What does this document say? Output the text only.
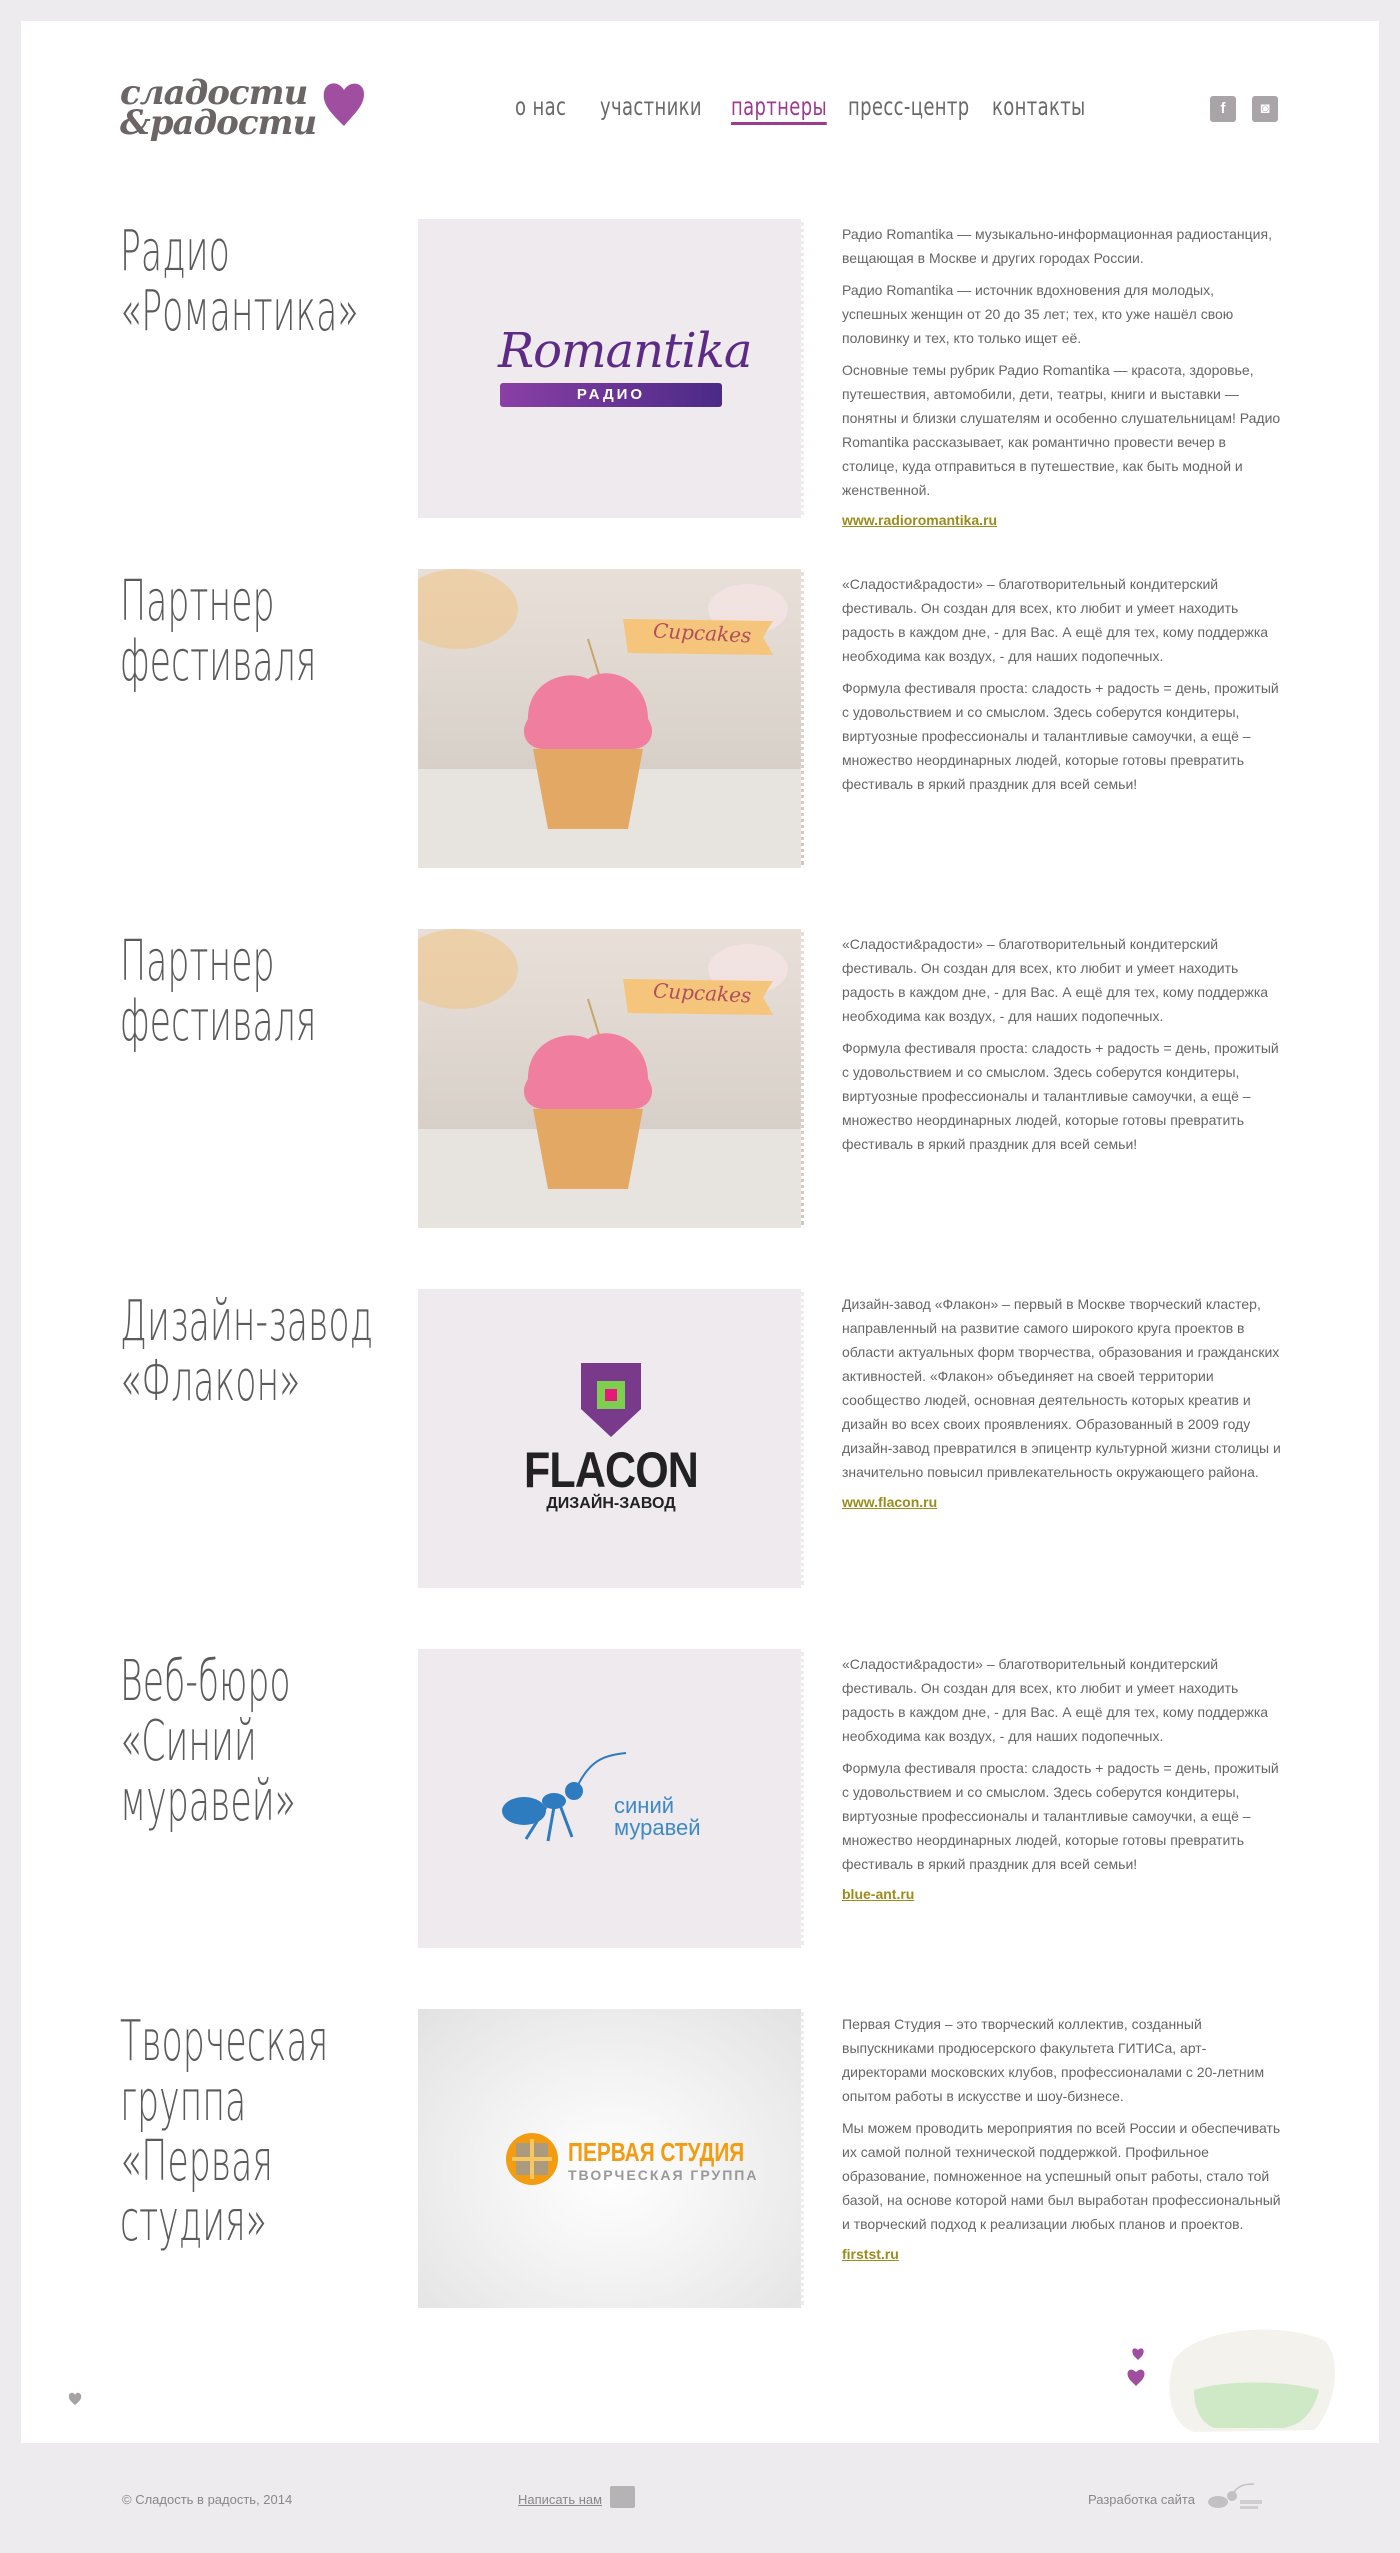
сладости
&радости	о нас участники партнеры пресс-центр контакты	f	◙
Радио
«Романтика»
Romantika
РАДИО

Радио Romantika — музыкально-информационная радиостанция, вещающая в Москве и других городах России.

Радио Romantika — источник вдохновения для молодых, успешных женщин от 20 до 35 лет; тех, кто уже нашёл свою половинку и тех, кто только ищет её.

Основные темы рубрик Радио Romantika — красота, здоровье, путешествия, автомобили, дети, театры, книги и выставки — понятны и близки слушателям и особенно слушательницам! Радио Romantika рассказывает, как романтично провести вечер в столице, куда отправиться в путешествие, как быть модной и женственной.

www.radioromantika.ru
Партнер
фестиваля	Cupcakes

«Сладости&радости» – благотворительный кондитерский фестиваль. Он создан для всех, кто любит и умеет находить радость в каждом дне, - для Вас. А ещё для тех, кому поддержка необходима как воздух, - для наших подопечных.

Формула фестиваля проста: сладость + радость = день, прожитый с удовольствием и со смыслом. Здесь соберутся кондитеры, виртуозные профессионалы и талантливые самоучки, а ещё – множество неординарных людей, которые готовы превратить фестиваль в яркий праздник для всей семьи!

Партнер
фестиваля	Cupcakes

«Сладости&радости» – благотворительный кондитерский фестиваль. Он создан для всех, кто любит и умеет находить радость в каждом дне, - для Вас. А ещё для тех, кому поддержка необходима как воздух, - для наших подопечных.

Формула фестиваля проста: сладость + радость = день, прожитый с удовольствием и со смыслом. Здесь соберутся кондитеры, виртуозные профессионалы и талантливые самоучки, а ещё – множество неординарных людей, которые готовы превратить фестиваль в яркий праздник для всей семьи!

Дизайн-завод
«Флакон»
FLACON
ДИЗАЙН-ЗАВОД

Дизайн-завод «Флакон» – первый в Москве творческий кластер, направленный на развитие самого широкого круга проектов в области актуальных форм творчества, образования и гражданских активностей. «Флакон» объединяет на своей территории сообщество людей, основная деятельность которых креатив и дизайн во всех своих проявлениях. Образованный в 2009 году дизайн-завод превратился в эпицентр культурной жизни столицы и значительно повысил привлекательность окружающего района.

www.flacon.ru
Веб-бюро
«Синий
муравей»	синий муравей

«Сладости&радости» – благотворительный кондитерский фестиваль. Он создан для всех, кто любит и умеет находить радость в каждом дне, - для Вас. А ещё для тех, кому поддержка необходима как воздух, - для наших подопечных.

Формула фестиваля проста: сладость + радость = день, прожитый с удовольствием и со смыслом. Здесь соберутся кондитеры, виртуозные профессионалы и талантливые самоучки, а ещё – множество неординарных людей, которые готовы превратить фестиваль в яркий праздник для всей семьи!

blue-ant.ru
Творческая
группа
«Первая
студия»
ПЕРВАЯ СТУДИЯ
ТВОРЧЕСКАЯ ГРУППА

Первая Студия – это творческий коллектив, созданный выпускниками продюсерского факультета ГИТИСа, арт-директорами московских клубов, профессионалами с 20-летним опытом работы в искусстве и шоу-бизнесе.

Мы можем проводить мероприятия по всей России и обеспечивать их самой полной технической поддержкой. Профильное образование, помноженное на успешный опыт работы, стало той базой, на основе которой нами был выработан профессиональный и творческий подход к реализации любых планов и проектов.

firstst.ru
© Сладость в радость, 2014	Написать нам	Разработка сайта
